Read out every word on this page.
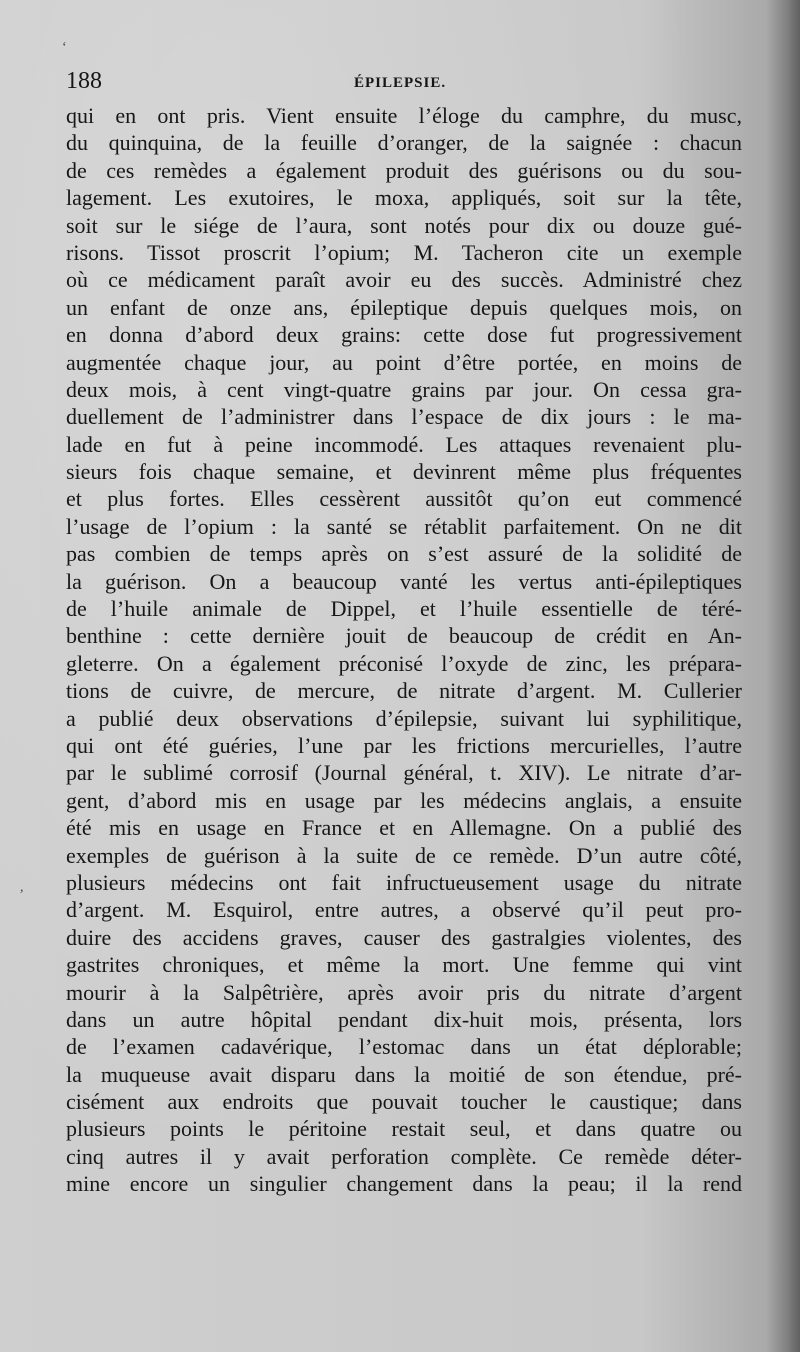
ʻ
,
188	ÉPILEPSIE.
qui en ont pris. Vient ensuite l’éloge du camphre, du musc,
du quinquina, de la feuille d’oranger, de la saignée : chacun
de ces remèdes a également produit des guérisons ou du sou-
lagement. Les exutoires, le moxa, appliqués, soit sur la tête,
soit sur le siége de l’aura, sont notés pour dix ou douze gué-
risons. Tissot proscrit l’opium; M. Tacheron cite un exemple
où ce médicament paraît avoir eu des succès. Administré chez
un enfant de onze ans, épileptique depuis quelques mois, on
en donna d’abord deux grains: cette dose fut progressivement
augmentée chaque jour, au point d’être portée, en moins de
deux mois, à cent vingt-quatre grains par jour. On cessa gra-
duellement de l’administrer dans l’espace de dix jours : le ma-
lade en fut à peine incommodé. Les attaques revenaient plu-
sieurs fois chaque semaine, et devinrent même plus fréquentes
et plus fortes. Elles cessèrent aussitôt qu’on eut commencé
l’usage de l’opium : la santé se rétablit parfaitement. On ne dit
pas combien de temps après on s’est assuré de la solidité de
la guérison. On a beaucoup vanté les vertus anti-épileptiques
de l’huile animale de Dippel, et l’huile essentielle de téré-
benthine : cette dernière jouit de beaucoup de crédit en An-
gleterre. On a également préconisé l’oxyde de zinc, les prépara-
tions de cuivre, de mercure, de nitrate d’argent. M. Cullerier
a publié deux observations d’épilepsie, suivant lui syphilitique,
qui ont été guéries, l’une par les frictions mercurielles, l’autre
par le sublimé corrosif (Journal général, t. XIV). Le nitrate d’ar-
gent, d’abord mis en usage par les médecins anglais, a ensuite
été mis en usage en France et en Allemagne. On a publié des
exemples de guérison à la suite de ce remède. D’un autre côté,
plusieurs médecins ont fait infructueusement usage du nitrate
d’argent. M. Esquirol, entre autres, a observé qu’il peut pro-
duire des accidens graves, causer des gastralgies violentes, des
gastrites chroniques, et même la mort. Une femme qui vint
mourir à la Salpêtrière, après avoir pris du nitrate d’argent
dans un autre hôpital pendant dix-huit mois, présenta, lors
de l’examen cadavérique, l’estomac dans un état déplorable;
la muqueuse avait disparu dans la moitié de son étendue, pré-
cisément aux endroits que pouvait toucher le caustique; dans
plusieurs points le péritoine restait seul, et dans quatre ou
cinq autres il y avait perforation complète. Ce remède déter-
mine encore un singulier changement dans la peau; il la rend
